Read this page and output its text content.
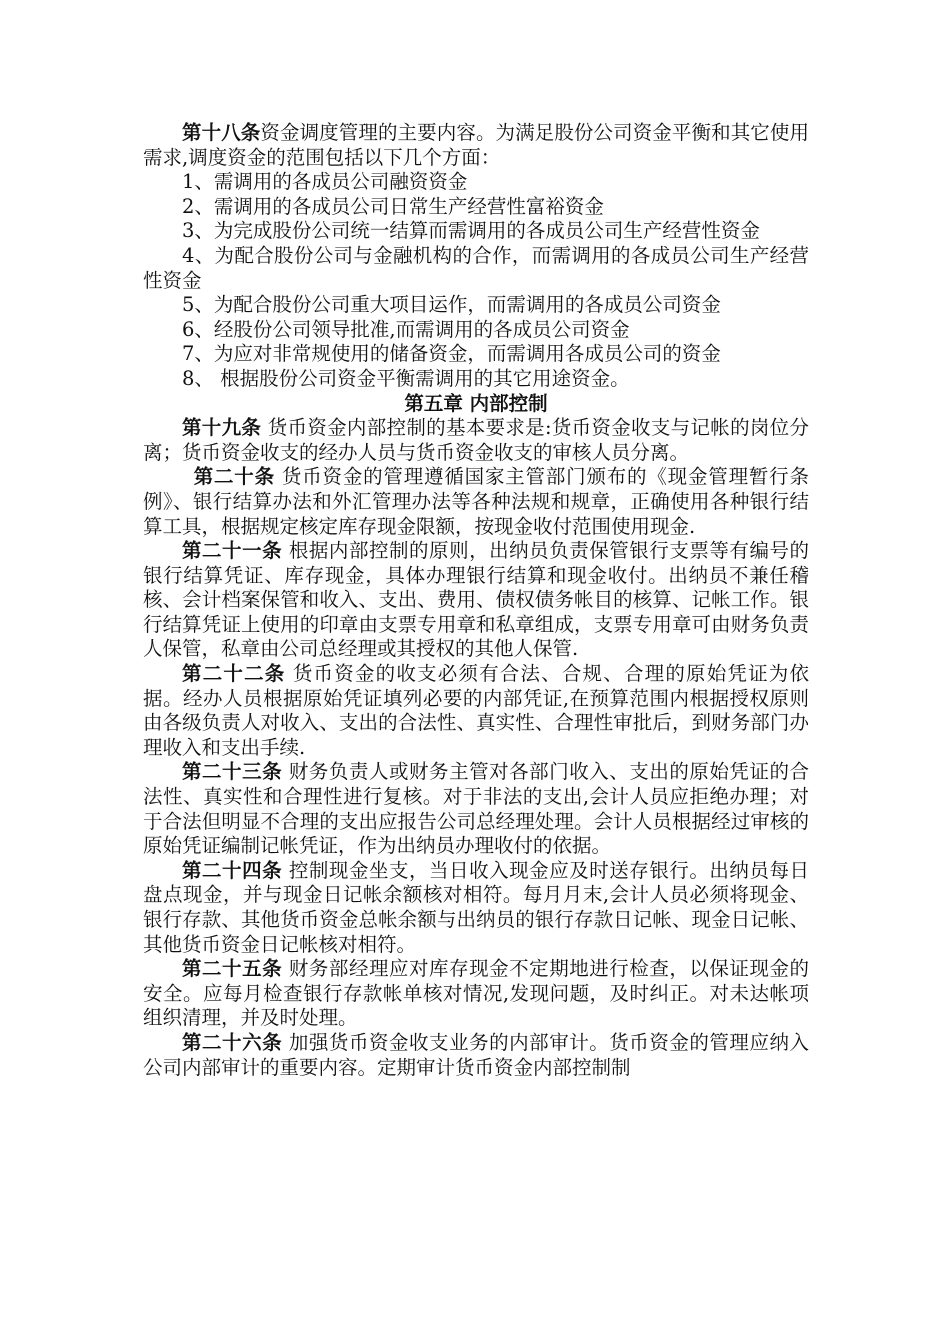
第十八条资金调度管理的主要内容。为满足股份公司资金平衡和其它使用需求,调度资金的范围包括以下几个方面：

1、需调用的各成员公司融资资金

2、需调用的各成员公司日常生产经营性富裕资金

3、为完成股份公司统一结算而需调用的各成员公司生产经营性资金

4、为配合股份公司与金融机构的合作，而需调用的各成员公司生产经营性资金

5、为配合股份公司重大项目运作，而需调用的各成员公司资金

6、经股份公司领导批准,而需调用的各成员公司资金

7、为应对非常规使用的储备资金，而需调用各成员公司的资金

8、 根据股份公司资金平衡需调用的其它用途资金。

第五章 内部控制

第十九条 货币资金内部控制的基本要求是:货币资金收支与记帐的岗位分离；货币资金收支的经办人员与货币资金收支的审核人员分离。

第二十条 货币资金的管理遵循国家主管部门颁布的《现金管理暂行条例》、银行结算办法和外汇管理办法等各种法规和规章，正确使用各种银行结算工具，根据规定核定库存现金限额，按现金收付范围使用现金.

第二十一条 根据内部控制的原则，出纳员负责保管银行支票等有编号的银行结算凭证、库存现金，具体办理银行结算和现金收付。出纳员不兼任稽核、会计档案保管和收入、支出、费用、债权债务帐目的核算、记帐工作。银行结算凭证上使用的印章由支票专用章和私章组成，支票专用章可由财务负责人保管，私章由公司总经理或其授权的其他人保管.

第二十二条 货币资金的收支必须有合法、合规、合理的原始凭证为依据。经办人员根据原始凭证填列必要的内部凭证,在预算范围内根据授权原则由各级负责人对收入、支出的合法性、真实性、合理性审批后，到财务部门办理收入和支出手续.

第二十三条 财务负责人或财务主管对各部门收入、支出的原始凭证的合法性、真实性和合理性进行复核。对于非法的支出,会计人员应拒绝办理；对于合法但明显不合理的支出应报告公司总经理处理。会计人员根据经过审核的原始凭证编制记帐凭证，作为出纳员办理收付的依据。

第二十四条 控制现金坐支，当日收入现金应及时送存银行。出纳员每日盘点现金，并与现金日记帐余额核对相符。每月月末,会计人员必须将现金、银行存款、其他货币资金总帐余额与出纳员的银行存款日记帐、现金日记帐、其他货币资金日记帐核对相符。

第二十五条 财务部经理应对库存现金不定期地进行检查，以保证现金的安全。应每月检查银行存款帐单核对情况,发现问题，及时纠正。对未达帐项组织清理，并及时处理。

第二十六条 加强货币资金收支业务的内部审计。货币资金的管理应纳入公司内部审计的重要内容。定期审计货币资金内部控制制
